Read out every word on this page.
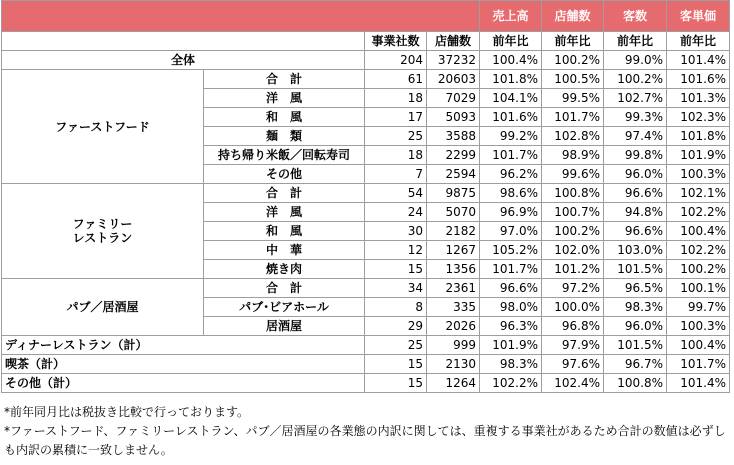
				売上高	店舗数	客数	客単価
		事業社数	店舗数	前年比	前年比	前年比	前年比
全体		204	37232	100.4%	100.2%	99.0%	101.4%
ファーストフード	合　計	61	20603	101.8%	100.5%	100.2%	101.6%
	洋　風	18	7029	104.1%	99.5%	102.7%	101.3%
	和　風	17	5093	101.6%	101.7%	99.3%	102.3%
	麺　類	25	3588	99.2%	102.8%	97.4%	101.8%
	持ち帰り米飯／回転寿司	18	2299	101.7%	98.9%	99.8%	101.9%
	その他	7	2594	96.2%	99.6%	96.0%	100.3%
ファミリー
レストラン	合　計	54	9875	98.6%	100.8%	96.6%	102.1%
	洋　風	24	5070	96.9%	100.7%	94.8%	102.2%
	和　風	30	2182	97.0%	100.2%	96.6%	100.4%
	中　華	12	1267	105.2%	102.0%	103.0%	102.2%
	焼き肉	15	1356	101.7%	101.2%	101.5%	100.2%
パブ／居酒屋	合　計	34	2361	96.6%	97.2%	96.5%	100.1%
	パブ･ビアホール	8	335	98.0%	100.0%	98.3%	99.7%
	居酒屋	29	2026	96.3%	96.8%	96.0%	100.3%
ディナーレストラン（計）		25	999	101.9%	97.9%	101.5%	100.4%
喫茶（計）		15	2130	98.3%	97.6%	96.7%	101.7%
その他（計）		15	1264	102.2%	102.4%	100.8%	101.4%
*前年同月比は税抜き比較で行っております。
*ファーストフード、ファミリーレストラン、パブ／居酒屋の各業態の内訳に関しては、重複する事業社があるため合計の数値は必ずしも内訳の累積に一致しません。
